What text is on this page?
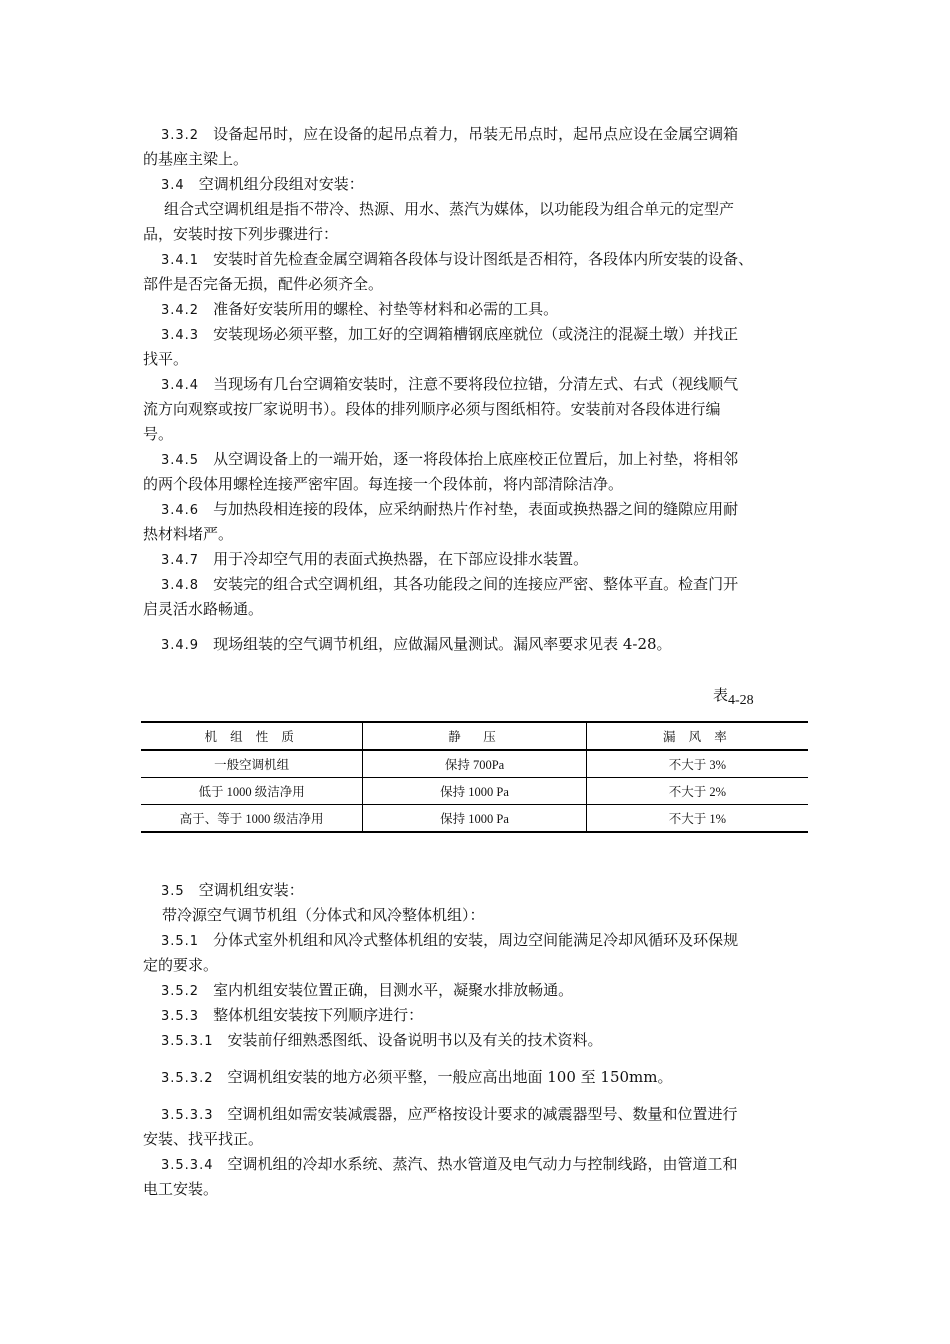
3.3.2 设备起吊时，应在设备的起吊点着力，吊装无吊点时，起吊点应设在金属空调箱
的基座主梁上。
3.4 空调机组分段组对安装：
组合式空调机组是指不带冷、热源、用水、蒸汽为媒体，以功能段为组合单元的定型产
品，安装时按下列步骤进行：
3.4.1 安装时首先检查金属空调箱各段体与设计图纸是否相符，各段体内所安装的设备、
部件是否完备无损，配件必须齐全。
3.4.2 准备好安装所用的螺栓、衬垫等材料和必需的工具。
3.4.3 安装现场必须平整，加工好的空调箱槽钢底座就位（或浇注的混凝土墩）并找正
找平。
3.4.4 当现场有几台空调箱安装时，注意不要将段位拉错，分清左式、右式（视线顺气
流方向观察或按厂家说明书）。段体的排列顺序必须与图纸相符。安装前对各段体进行编
号。
3.4.5 从空调设备上的一端开始，逐一将段体抬上底座校正位置后，加上衬垫，将相邻
的两个段体用螺栓连接严密牢固。每连接一个段体前，将内部清除洁净。
3.4.6 与加热段相连接的段体，应采纳耐热片作衬垫，表面或换热器之间的缝隙应用耐
热材料堵严。
3.4.7 用于冷却空气用的表面式换热器，在下部应设排水装置。
3.4.8 安装完的组合式空调机组，其各功能段之间的连接应严密、整体平直。检查门开
启灵活水路畅通。
3.4.9 现场组装的空气调节机组，应做漏风量测试。漏风率要求见表 4-28。
表4-28
机 组 性 质	静　压	漏 风 率
一般空调机组	保持 700Pa	不大于 3%
低于 1000 级洁净用	保持 1000 Pa	不大于 2%
高于、等于 1000 级洁净用	保持 1000 Pa	不大于 1%
3.5 空调机组安装：
带冷源空气调节机组（分体式和风冷整体机组）：
3.5.1 分体式室外机组和风冷式整体机组的安装，周边空间能满足冷却风循环及环保规
定的要求。
3.5.2 室内机组安装位置正确，目测水平，凝聚水排放畅通。
3.5.3 整体机组安装按下列顺序进行：
3.5.3.1 安装前仔细熟悉图纸、设备说明书以及有关的技术资料。
3.5.3.2 空调机组安装的地方必须平整，一般应高出地面 100 至 150mm。
3.5.3.3 空调机组如需安装减震器，应严格按设计要求的减震器型号、数量和位置进行
安装、找平找正。
3.5.3.4 空调机组的冷却水系统、蒸汽、热水管道及电气动力与控制线路，由管道工和
电工安装。
